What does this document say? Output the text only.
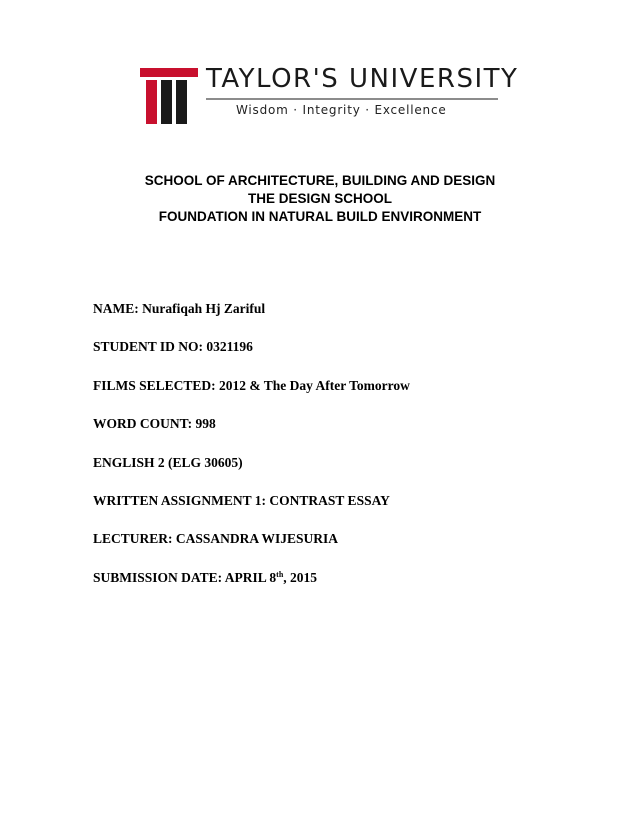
TAYLOR'S UNIVERSITY
Wisdom · Integrity · Excellence
SCHOOL OF ARCHITECTURE, BUILDING AND DESIGN
THE DESIGN SCHOOL
FOUNDATION IN NATURAL BUILD ENVIRONMENT
NAME: Nurafiqah Hj Zariful
STUDENT ID NO: 0321196
FILMS SELECTED: 2012 & The Day After Tomorrow
WORD COUNT: 998
ENGLISH 2 (ELG 30605)
WRITTEN ASSIGNMENT 1: CONTRAST ESSAY
LECTURER: CASSANDRA WIJESURIA
SUBMISSION DATE: APRIL 8th, 2015
